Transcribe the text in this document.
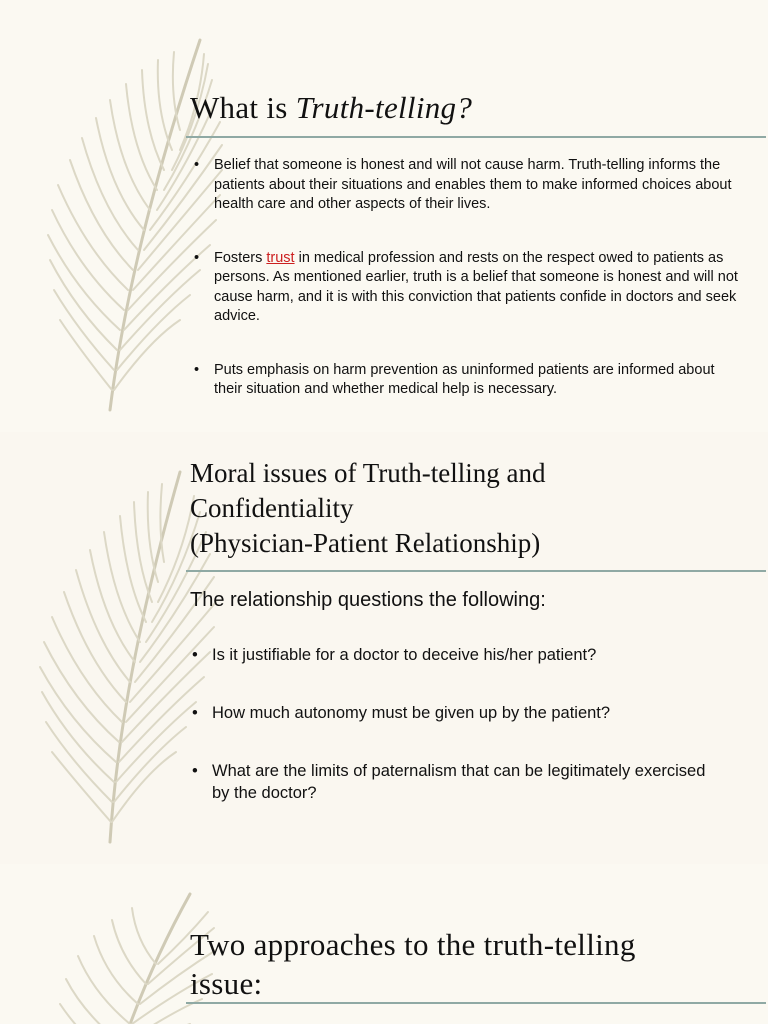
What is Truth-telling?
• Belief that someone is honest and will not cause harm. Truth-telling informs the patients about their situations and enables them to make informed choices about health care and other aspects of their lives.
• Fosters trust in medical profession and rests on the respect owed to patients as persons. As mentioned earlier, truth is a belief that someone is honest and will not cause harm, and it is with this conviction that patients confide in doctors and seek advice.
• Puts emphasis on harm prevention as uninformed patients are informed about their situation and whether medical help is necessary.
Moral issues of Truth-telling and
Confidentiality
(Physician-Patient Relationship)
The relationship questions the following:
• Is it justifiable for a doctor to deceive his/her patient?
• How much autonomy must be given up by the patient?
• What are the limits of paternalism that can be legitimately exercised by the doctor?
Two approaches to the truth-telling
issue:
